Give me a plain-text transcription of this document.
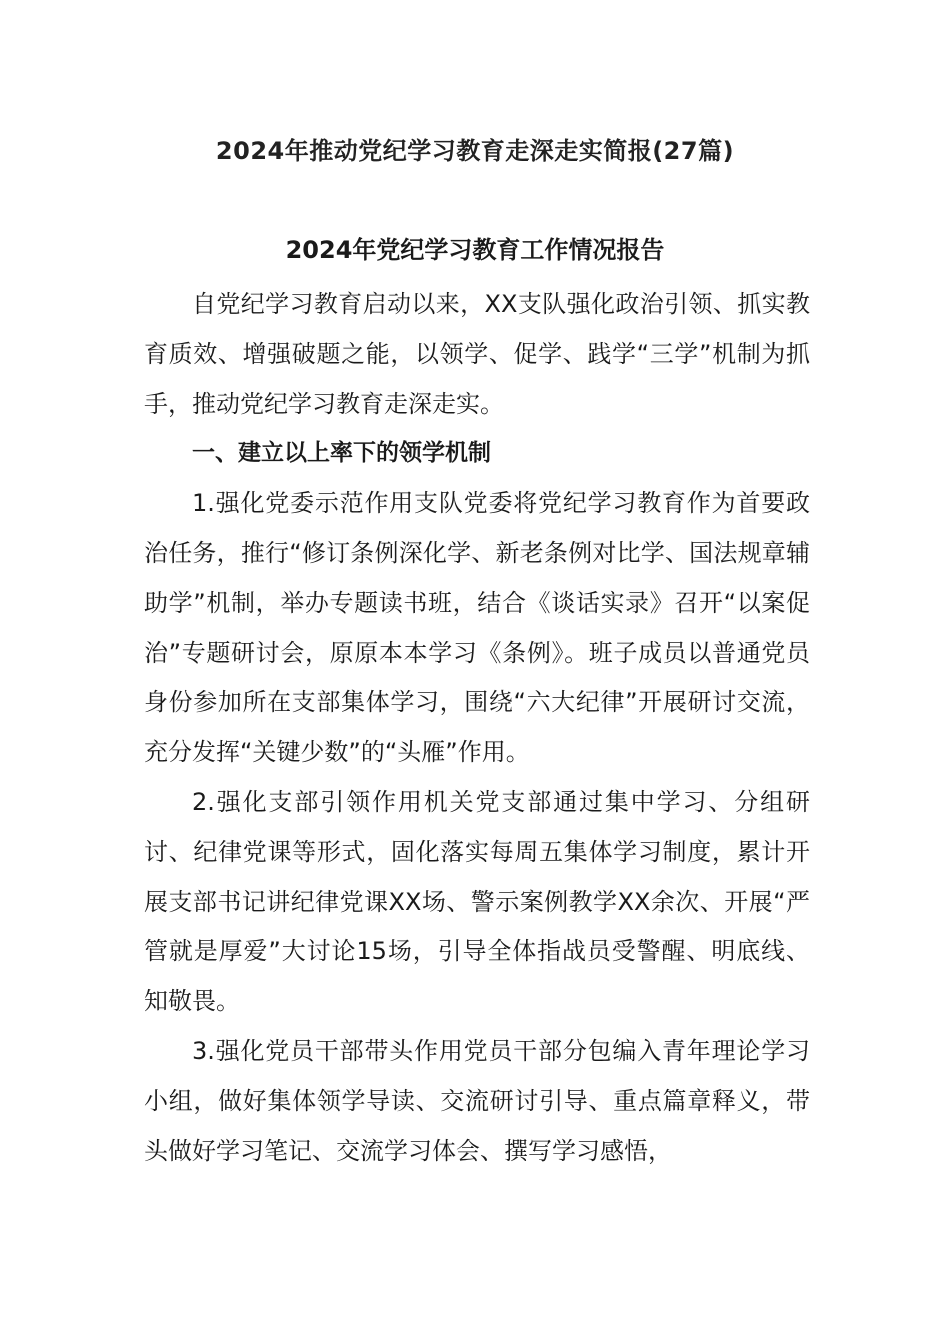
2024年推动党纪学习教育走深走实简报(27篇)
2024年党纪学习教育工作情况报告

自党纪学习教育启动以来，XX支队强化政治引领、抓实教育质效、增强破题之能，以领学、促学、践学“三学”机制为抓手，推动党纪学习教育走深走实。

一、建立以上率下的领学机制

1.强化党委示范作用支队党委将党纪学习教育作为首要政治任务，推行“修订条例深化学、新老条例对比学、国法规章辅助学”机制，举办专题读书班，结合《谈话实录》召开“以案促治”专题研讨会，原原本本学习《条例》。班子成员以普通党员身份参加所在支部集体学习，围绕“六大纪律”开展研讨交流，充分发挥“关键少数”的“头雁”作用。

2.强化支部引领作用机关党支部通过集中学习、分组研讨、纪律党课等形式，固化落实每周五集体学习制度，累计开展支部书记讲纪律党课XX场、警示案例教学XX余次、开展“严管就是厚爱”大讨论15场，引导全体指战员受警醒、明底线、知敬畏。

3.强化党员干部带头作用党员干部分包编入青年理论学习小组，做好集体领学导读、交流研讨引导、重点篇章释义，带头做好学习笔记、交流学习体会、撰写学习感悟，
